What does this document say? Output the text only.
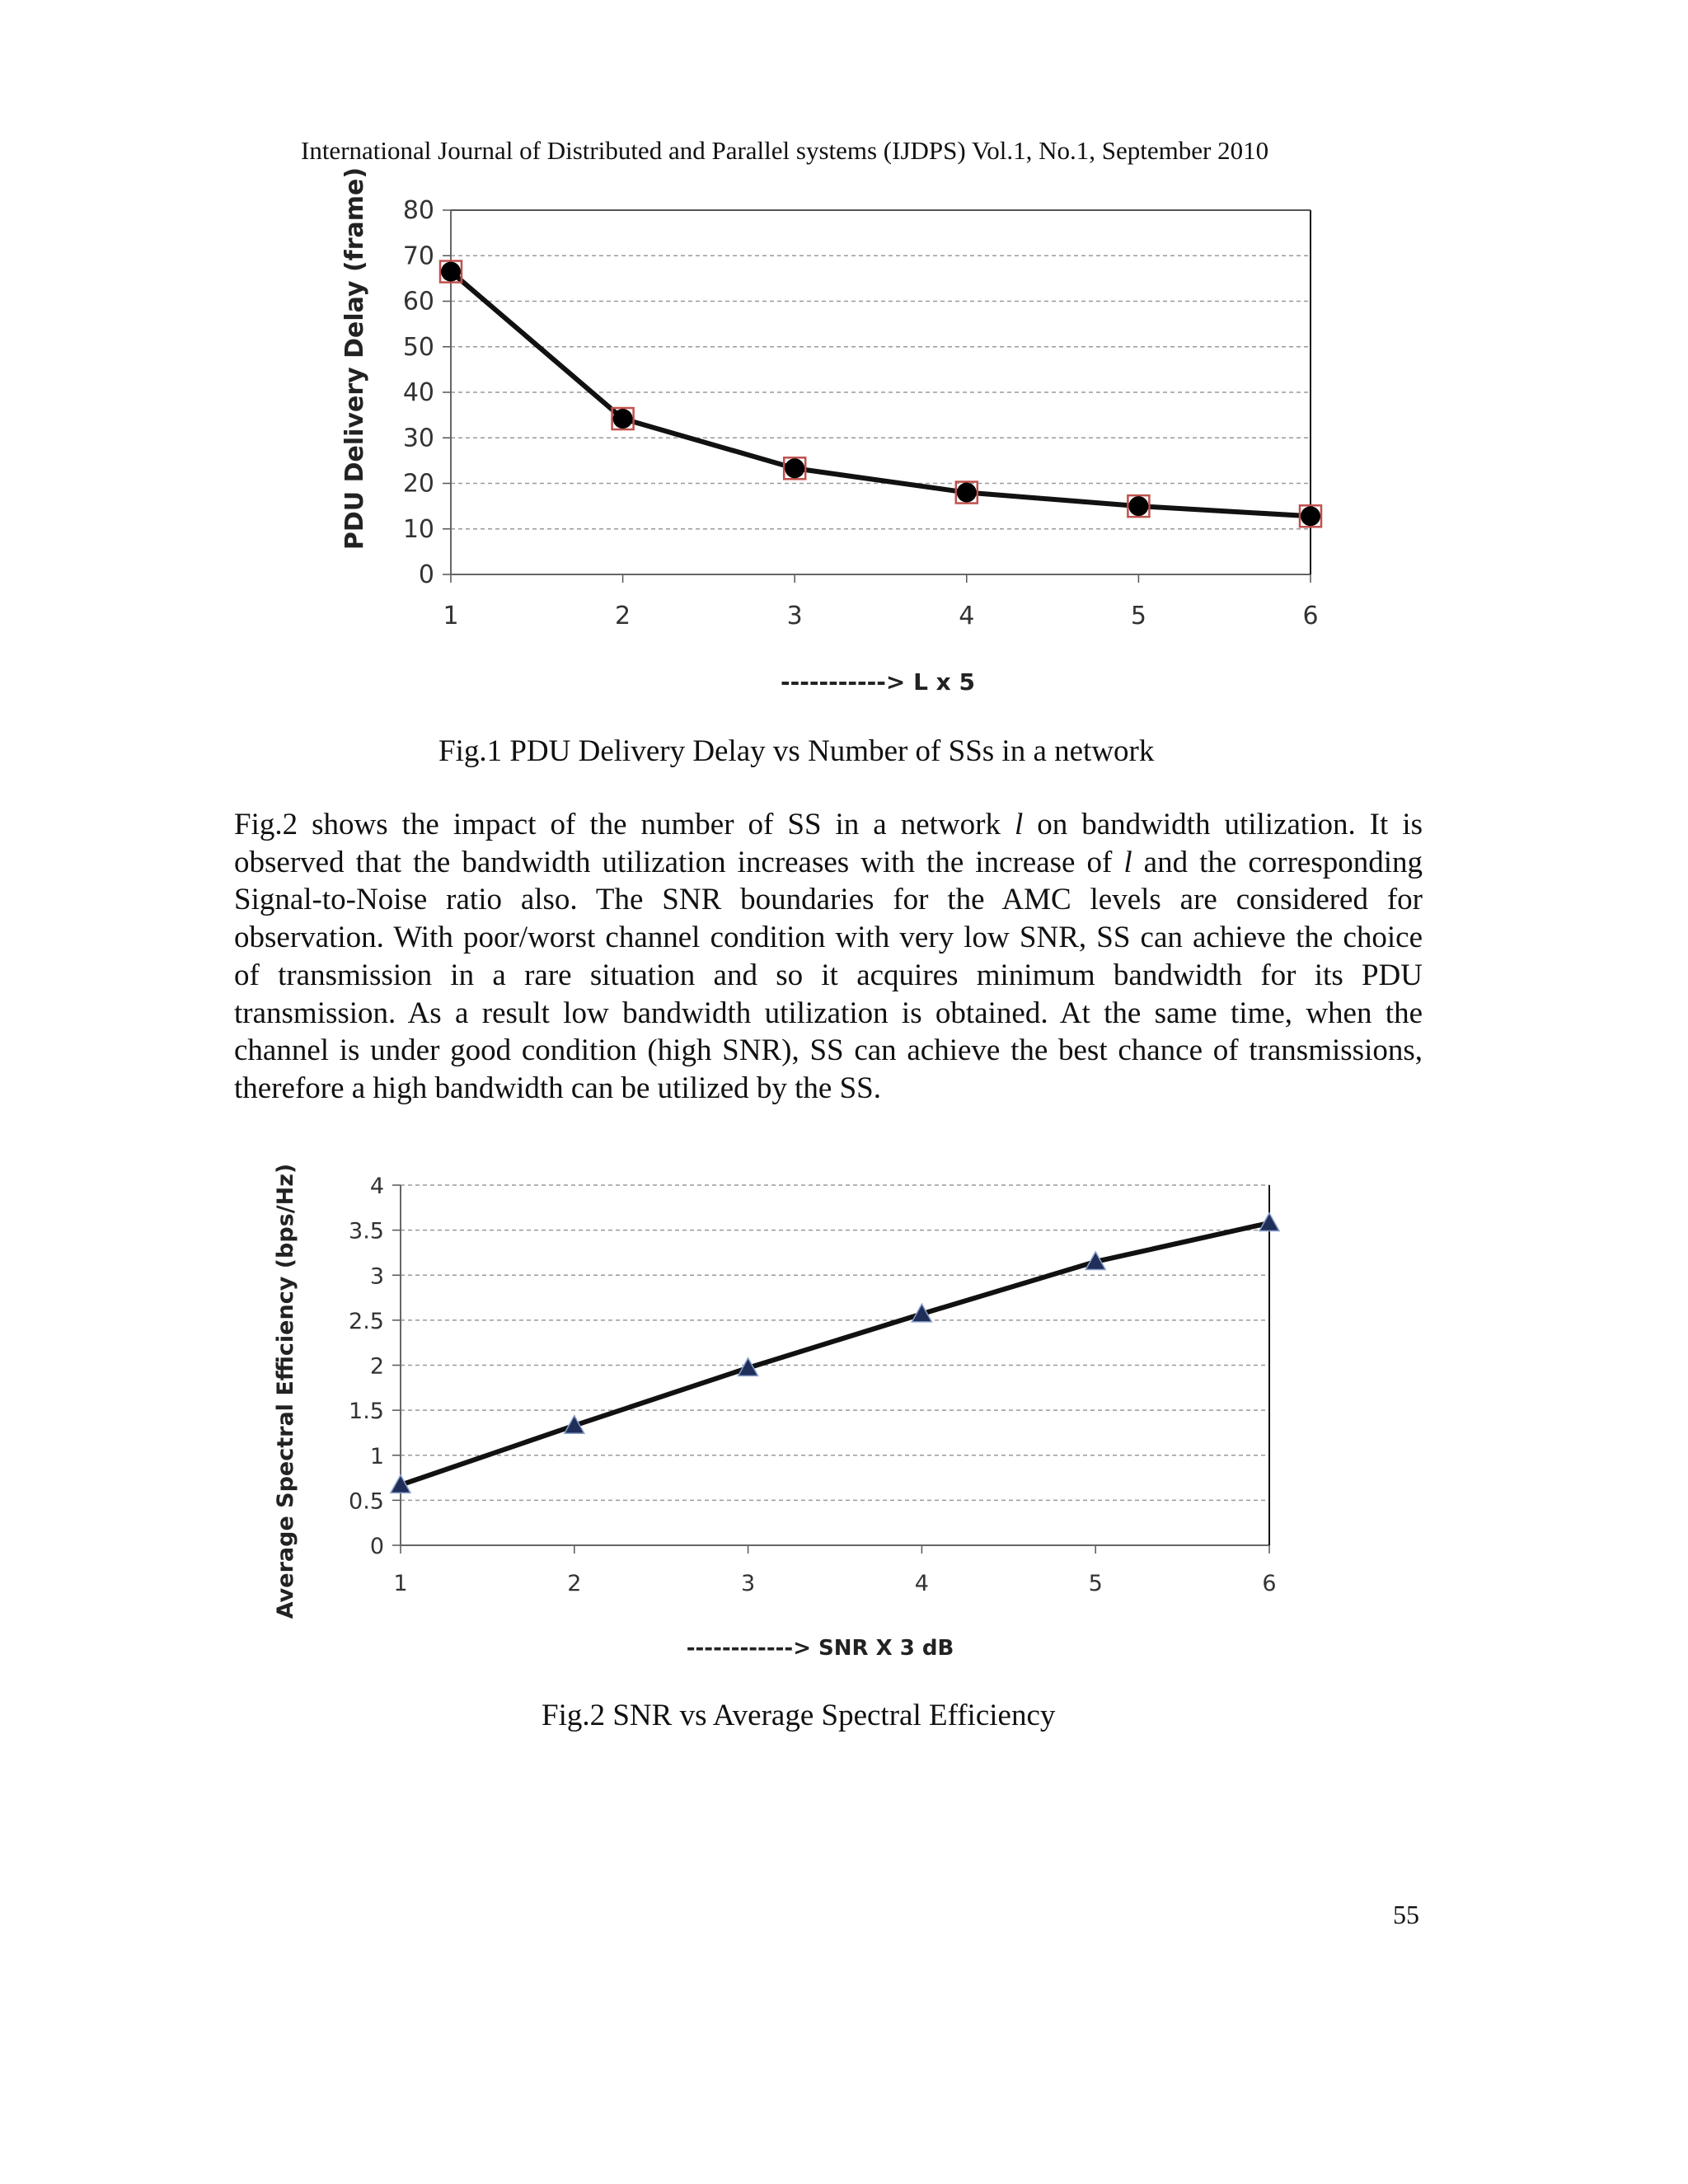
International Journal of Distributed and Parallel systems (IJDPS) Vol.1, No.1, September 2010
0
10
20
30
40
50
60
70
80
1	2	3	4	5	6
-----------> L x 5
PDU Delivery Delay (frame)
Fig.1 PDU Delivery Delay vs Number of SSs in a network
Fig.2 shows the impact of the number of SS in a network l on bandwidth utilization. It is observed that the bandwidth utilization increases with the increase of l and the corresponding Signal-to-Noise ratio also. The SNR boundaries for the AMC levels are considered for observation. With poor/worst channel condition with very low SNR, SS can achieve the choice of transmission in a rare situation and so it acquires minimum bandwidth for its PDU transmission. As a result low bandwidth utilization is obtained. At the same time, when the channel is under good condition (high SNR), SS can achieve the best chance of transmissions, therefore a high bandwidth can be utilized by the SS.
0
0.5
1
1.5
2
2.5
3
3.5
4
1	2	3	4	5	6
------------> SNR X 3 dB
Average Spectral Efficiency (bps/Hz)
Fig.2 SNR vs Average Spectral Efficiency
55
